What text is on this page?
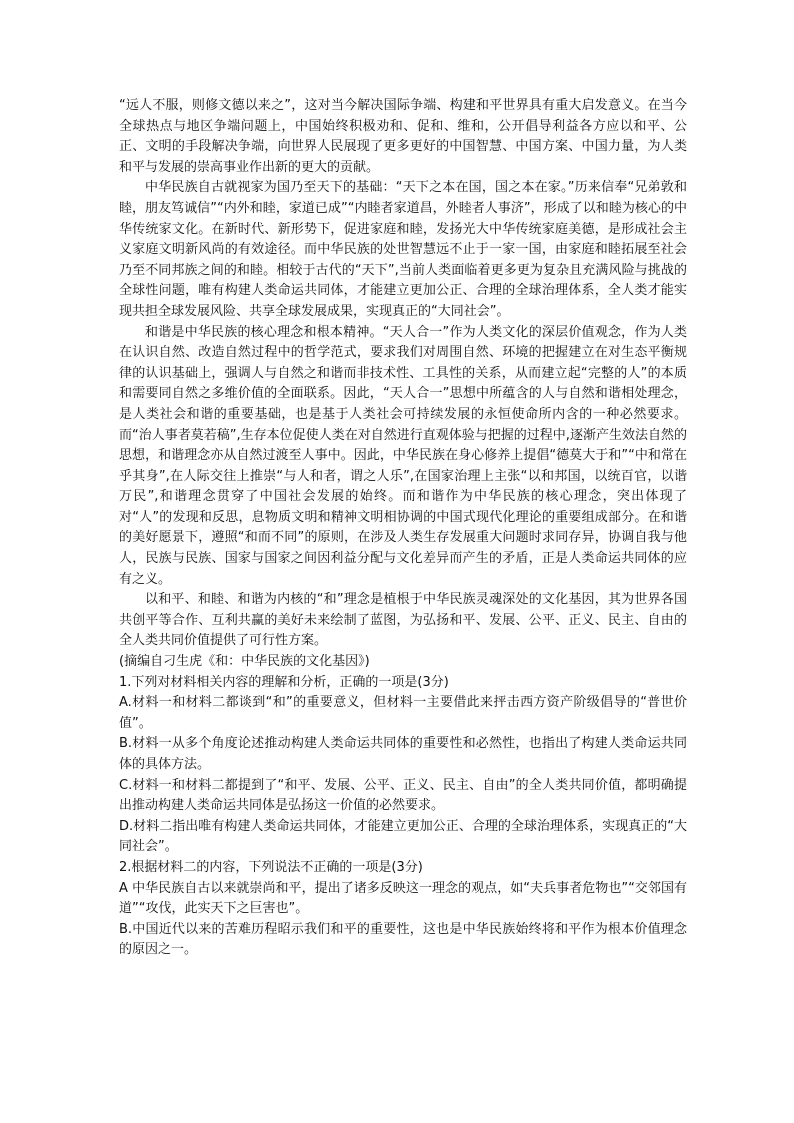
“远人不服，则修文德以来之”，这对当今解决国际争端、构建和平世界具有重大启发意义。在当今全球热点与地区争端问题上，中国始终积极劝和、促和、维和，公开倡导利益各方应以和平、公正、文明的手段解决争端，向世界人民展现了更多更好的中国智慧、中国方案、中国力量，为人类和平与发展的崇高事业作出新的更大的贡献。

中华民族自古就视家为国乃至天下的基础：“天下之本在国，国之本在家。”历来信奉“兄弟敦和睦，朋友笃诚信”“内外和睦，家道已成”“内睦者家道昌，外睦者人事济”，形成了以和睦为核心的中华传统家文化。在新时代、新形势下，促进家庭和睦，发扬光大中华传统家庭美德，是形成社会主义家庭文明新风尚的有效途径。而中华民族的处世智慧远不止于一家一国，由家庭和睦拓展至社会乃至不同邦族之间的和睦。相较于古代的“天下”,当前人类面临着更多更为复杂且充满风险与挑战的全球性问题，唯有构建人类命运共同体，才能建立更加公正、合理的全球治理体系，全人类才能实现共担全球发展风险、共享全球发展成果，实现真正的“大同社会”。

和谐是中华民族的核心理念和根本精神。“天人合一”作为人类文化的深层价值观念，作为人类在认识自然、改造自然过程中的哲学范式，要求我们对周围自然、环境的把握建立在对生态平衡规律的认识基础上，强调人与自然之和谐而非技术性、工具性的关系，从而建立起“完整的人”的本质和需要同自然之多维价值的全面联系。因此，“天人合一”思想中所蕴含的人与自然和谐相处理念，是人类社会和谐的重要基础，也是基于人类社会可持续发展的永恒使命所内含的一种必然要求。而“治人事者莫若稿”,生存本位促使人类在对自然进行直观体验与把握的过程中,逐渐产生效法自然的思想，和谐理念亦从自然过渡至人事中。因此，中华民族在身心修养上提倡“德莫大于和”“中和常在乎其身”,在人际交往上推崇“与人和者，谓之人乐”,在国家治理上主张“以和邦国，以统百官，以谐万民”,和谐理念贯穿了中国社会发展的始终。而和谐作为中华民族的核心理念，突出体现了对“人”的发现和反思，息物质文明和精神文明相协调的中国式现代化理论的重要组成部分。在和谐的美好愿景下，遵照“和而不同”的原则，在涉及人类生存发展重大问题时求同存异，协调自我与他人，民族与民族、国家与国家之间因利益分配与文化差异而产生的矛盾，正是人类命运共同体的应有之义。

以和平、和睦、和谐为内核的“和”理念是植根于中华民族灵魂深处的文化基因，其为世界各国共创平等合作、互利共赢的美好未来绘制了蓝图，为弘扬和平、发展、公平、正义、民主、自由的全人类共同价值提供了可行性方案。

(摘编自刁生虎《和：中华民族的文化基因》)

1.下列对材料相关内容的理解和分析，正确的一项是(3分)

A.材料一和材料二都谈到“和”的重要意义，但材料一主要借此来抨击西方资产阶级倡导的“普世价值”。

B.材料一从多个角度论述推动构建人类命运共同体的重要性和必然性，也指出了构建人类命运共同体的具体方法。

C.材料一和材料二都提到了“和平、发展、公平、正义、民主、自由”的全人类共同价值，都明确提出推动构建人类命运共同体是弘扬这一价值的必然要求。

D.材料二指出唯有构建人类命运共同体，才能建立更加公正、合理的全球治理体系，实现真正的“大同社会”。

2.根据材料二的内容，下列说法不正确的一项是(3分)

A 中华民族自古以来就崇尚和平，提出了诸多反映这一理念的观点，如“夫兵事者危物也”“交邻国有道”“攻伐，此实天下之巨害也”。

B.中国近代以来的苦难历程昭示我们和平的重要性，这也是中华民族始终将和平作为根本价值理念的原因之一。
